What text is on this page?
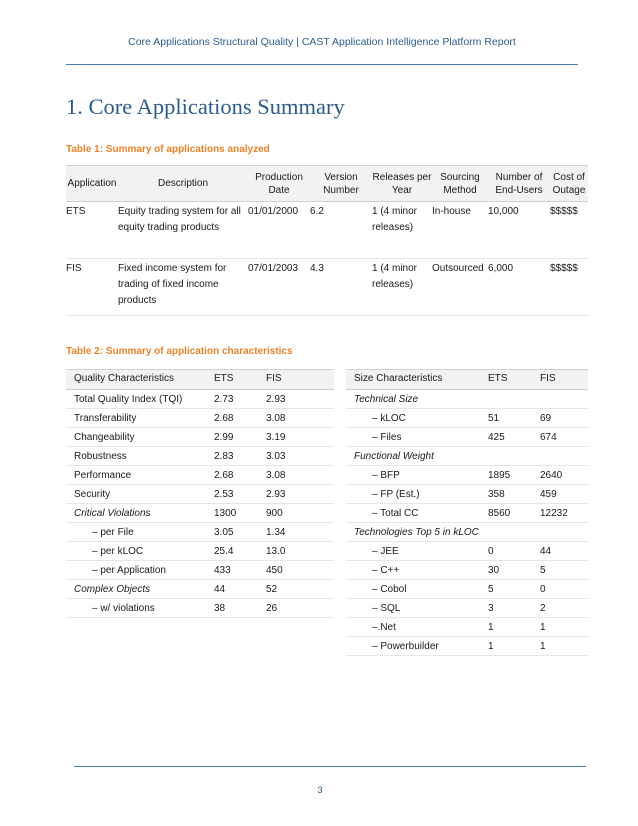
Core Applications Structural Quality | CAST Application Intelligence Platform Report
1. Core Applications Summary
Table 1: Summary of applications analyzed
Application	Description	Production Date	Version Number	Releases per Year	Sourcing Method	Number of End-Users	Cost of Outage
ETS	Equity trading system for all equity trading products	01/01/2000	6.2	1 (4 minor releases)	In-house	10,000	$$$$$
FIS	Fixed income system for trading of fixed income products	07/01/2003	4.3	1 (4 minor releases)	Outsourced	6,000	$$$$$
Table 2: Summary of application characteristics
Quality Characteristics	ETS	FIS
Total Quality Index (TQI)	2.73	2.93
Transferability	2.68	3.08
Changeability	2.99	3.19
Robustness	2.83	3.03
Performance	2.68	3.08
Security	2.53	2.93
Critical Violations	1300	900
– per File	3.05	1.34
– per kLOC	25.4	13.0
– per Application	433	450
Complex Objects	44	52
– w/ violations	38	26
Size Characteristics	ETS	FIS
Technical Size		
– kLOC	51	69
– Files	425	674
Functional Weight		
– BFP	1895	2640
– FP (Est.)	358	459
– Total CC	8560	12232
Technologies Top 5 in kLOC		
– JEE	0	44
– C++	30	5
– Cobol	5	0
– SQL	3	2
–.Net	1	1
– Powerbuilder	1	1
3
